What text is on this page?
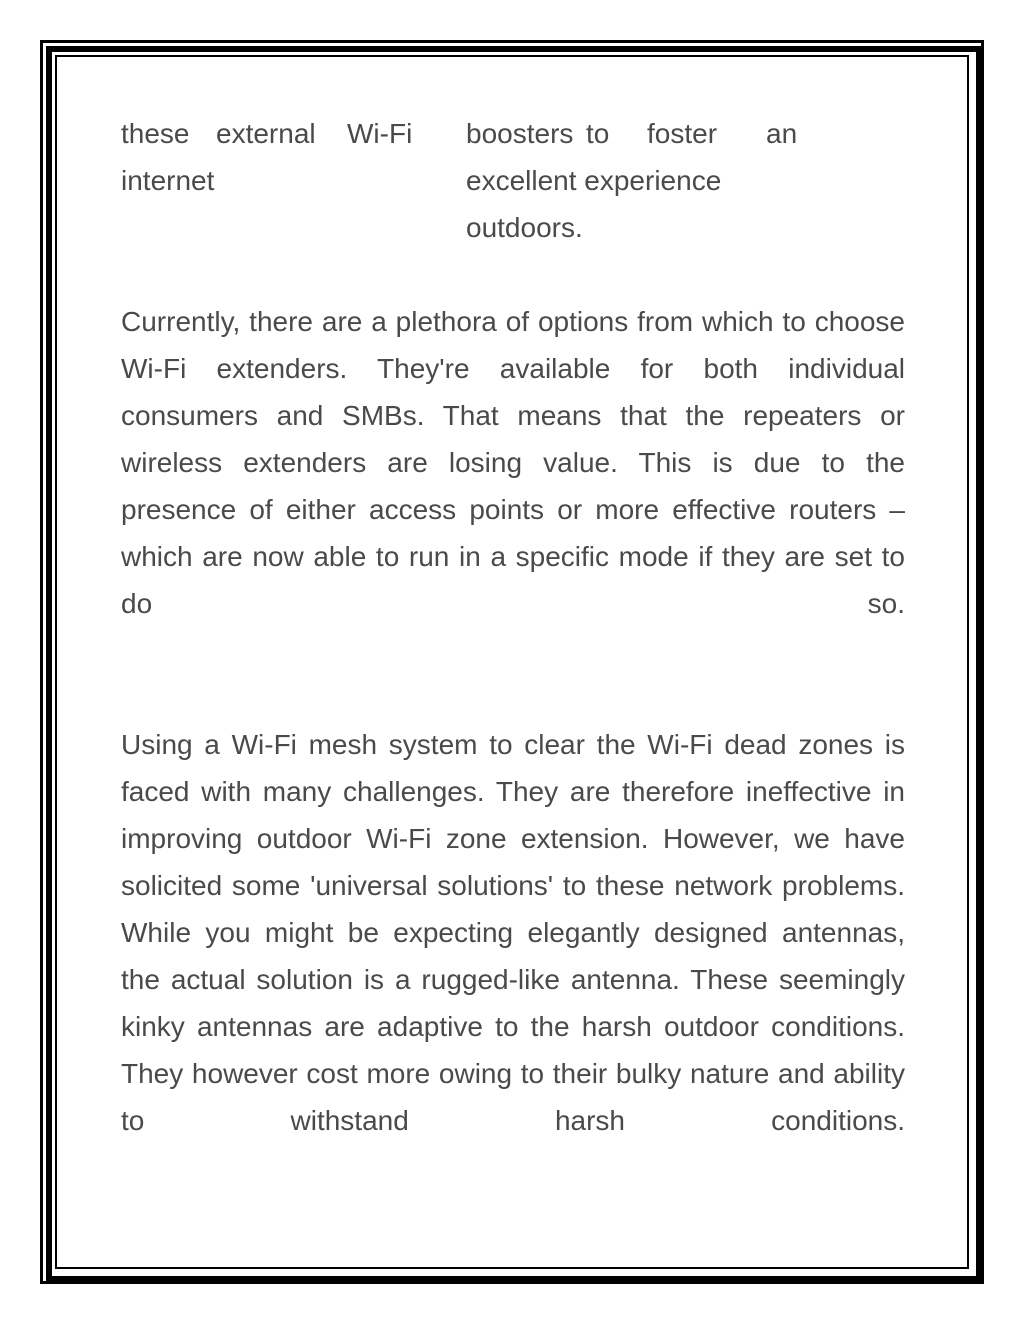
these external Wi-Fi boosters to foster an
internet	excellent experience
outdoors.

Currently, there are a plethora of options from which to choose Wi-Fi extenders. They're available for both individual consumers and SMBs. That means that the repeaters or wireless extenders are losing value. This is due to the presence of either access points or more effective routers – which are now able to run in a specific mode if they are set to do so.

Using a Wi-Fi mesh system to clear the Wi-Fi dead zones is faced with many challenges. They are therefore ineffective in improving outdoor Wi-Fi zone extension. However, we have solicited some 'universal solutions' to these network problems. While you might be expecting elegantly designed antennas, the actual solution is a rugged-like antenna. These seemingly kinky antennas are adaptive to the harsh outdoor conditions. They however cost more owing to their bulky nature and ability to withstand harsh conditions.
